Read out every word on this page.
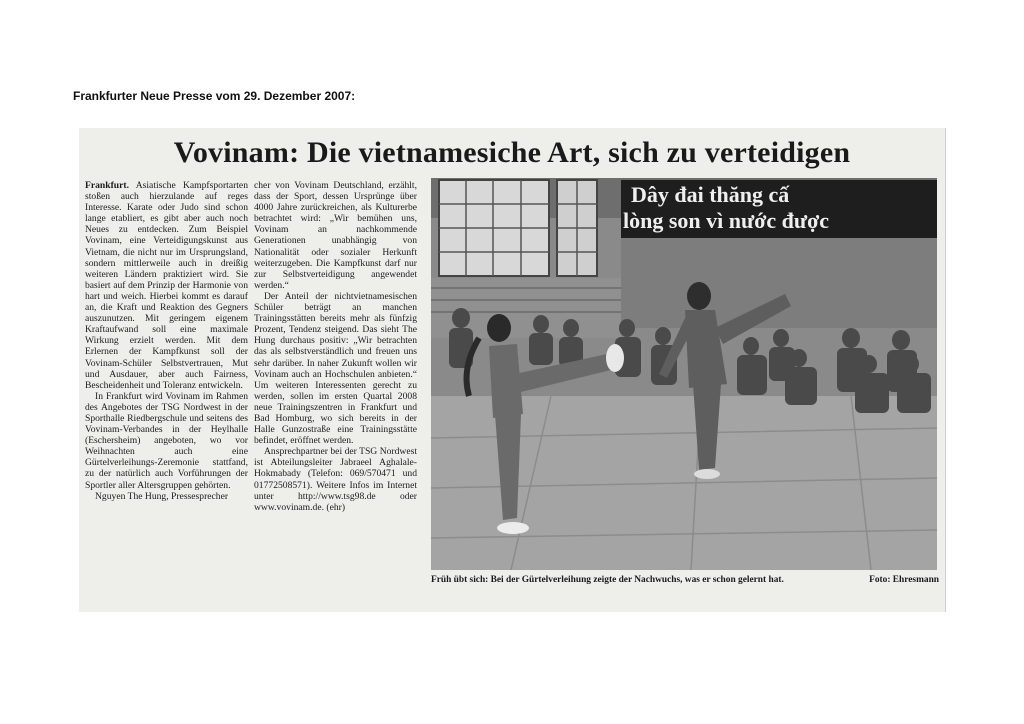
Frankfurter Neue Presse vom 29. Dezember 2007:
Vovinam: Die vietnamesiche Art, sich zu verteidigen

Frankfurt. Asiatische Kampfsportarten stoßen auch hierzulande auf reges Interesse. Karate oder Judo sind schon lange etabliert, es gibt aber auch noch Neues zu entdecken. Zum Beispiel Vovinam, eine Verteidigungskunst aus Vietnam, die nicht nur im Ursprungsland, sondern mittlerweile auch in dreißig weiteren Ländern praktiziert wird. Sie basiert auf dem Prinzip der Harmonie von hart und weich. Hierbei kommt es darauf an, die Kraft und Reaktion des Gegners auszunutzen. Mit geringem eigenem Kraftaufwand soll eine maximale Wirkung erzielt werden. Mit dem Erlernen der Kampfkunst soll der Vovinam-Schüler Selbstvertrauen, Mut und Ausdauer, aber auch Fairness, Bescheidenheit und Toleranz entwickeln.

In Frankfurt wird Vovinam im Rahmen des Angebotes der TSG Nordwest in der Sporthalle Riedbergschule und seitens des Vovinam-Verbandes in der Heylhalle (Eschersheim) angeboten, wo vor Weihnachten auch eine Gürtelverleihungs-Zeremonie stattfand, zu der natürlich auch Vorführungen der Sportler aller Altersgruppen gehörten.

Nguyen The Hung, Pressesprecher

cher von Vovinam Deutschland, erzählt, dass der Sport, dessen Ursprünge über 4000 Jahre zurückreichen, als Kulturerbe betrachtet wird: „Wir bemühen uns, Vovinam an nachkommende Generationen unabhängig von Nationalität oder sozialer Herkunft weiterzugeben. Die Kampfkunst darf nur zur Selbstverteidigung angewendet werden.“

Der Anteil der nichtvietnamesischen Schüler beträgt an manchen Trainingsstätten bereits mehr als fünfzig Prozent, Tendenz steigend. Das sieht The Hung durchaus positiv: „Wir betrachten das als selbstverständlich und freuen uns sehr darüber. In naher Zukunft wollen wir Vovinam auch an Hochschulen anbieten.“ Um weiteren Interessenten gerecht zu werden, sollen im ersten Quartal 2008 neue Trainingszentren in Frankfurt und Bad Homburg, wo sich bereits in der Halle Gunzostraße eine Trainingsstätte befindet, eröffnet werden.

Ansprechpartner bei der TSG Nordwest ist Abteilungsleiter Jabraeel Aghalale-Hokmabady (Telefon: 069/570471 und 01772508571). Weitere Infos im Internet unter http://www.tsg98.de oder www.vovinam.de. (ehr)

Dây đai thăng cấ
lòng son vì nước được
Früh übt sich: Bei der Gürtelverleihung zeigte der Nachwuchs, was er schon gelernt hat.	Foto: Ehresmann
